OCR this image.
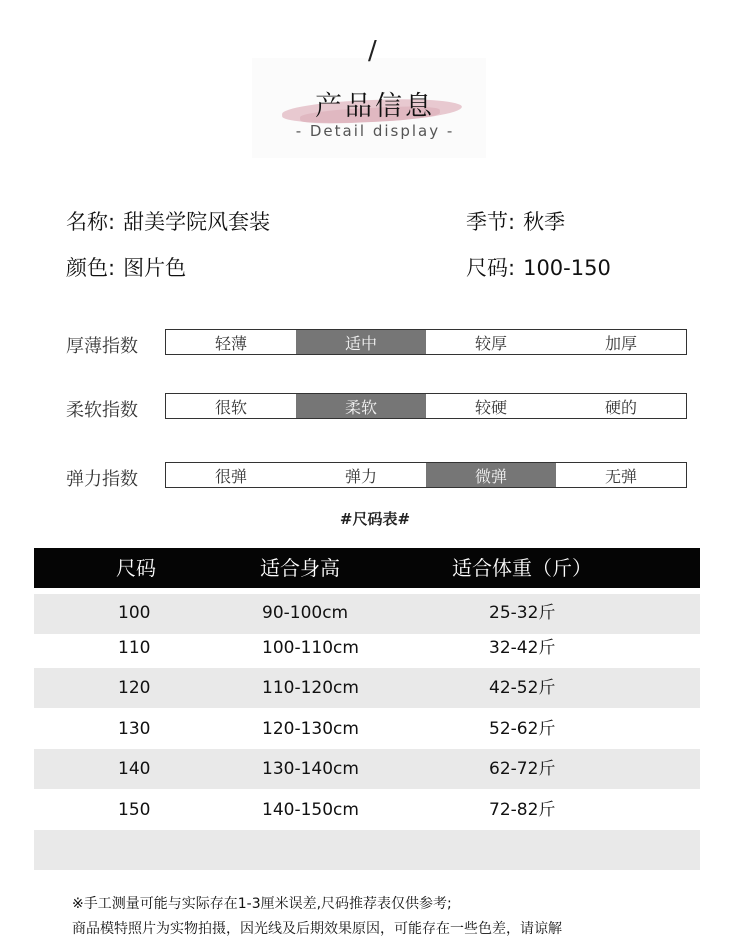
/
产品信息
- Detail display -
名称: 甜美学院风套装	季节: 秋季
颜色: 图片色	尺码: 100-150
厚薄指数	轻薄	适中	较厚	加厚
柔软指数	很软	柔软	较硬	硬的
弹力指数	很弹	弹力	微弹	无弹
#尺码表#
尺码	适合身高	适合体重（斤）
100	90-100cm	25-32斤
110	100-110cm	32-42斤
120	110-120cm	42-52斤
130	120-130cm	52-62斤
140	130-140cm	62-72斤
150	140-150cm	72-82斤
※手工测量可能与实际存在1-3厘米误差,尺码推荐表仅供参考;
商品模特照片为实物拍摄，因光线及后期效果原因，可能存在一些色差，请谅解
